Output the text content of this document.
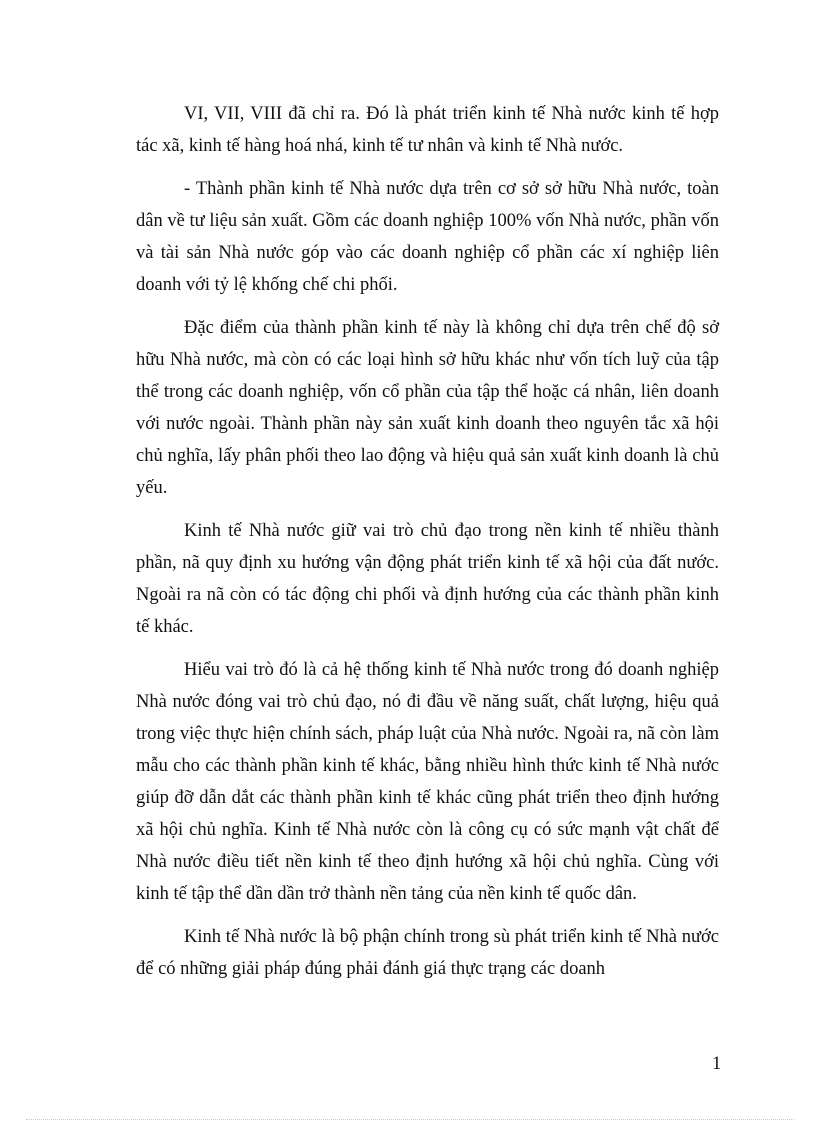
VI, VII, VIII đã chỉ ra. Đó là phát triển kinh tế Nhà nước kinh tế hợp tác xã, kinh tế hàng hoá nhá, kinh tế tư nhân và kinh tế Nhà nước.

- Thành phần kinh tế Nhà nước dựa trên cơ sở sở hữu Nhà nước, toàn dân về tư liệu sản xuất. Gồm các doanh nghiệp 100% vốn Nhà nước, phần vốn và tài sản Nhà nước góp vào các doanh nghiệp cổ phần các xí nghiệp liên doanh với tỷ lệ khống chế chi phối.

Đặc điểm của thành phần kinh tế này là không chỉ dựa trên chế độ sở hữu Nhà nước, mà còn có các loại hình sở hữu khác như vốn tích luỹ của tập thể trong các doanh nghiệp, vốn cổ phần của tập thể hoặc cá nhân, liên doanh với nước ngoài. Thành phần này sản xuất kinh doanh theo nguyên tắc xã hội chủ nghĩa, lấy phân phối theo lao động và hiệu quả sản xuất kinh doanh là chủ yếu.

Kinh tế Nhà nước giữ vai trò chủ đạo trong nền kinh tế nhiều thành phần, nã quy định xu hướng vận động phát triển kinh tế xã hội của đất nước. Ngoài ra nã còn có tác động chi phối và định hướng của các thành phần kinh tế khác.

Hiểu vai trò đó là cả hệ thống kinh tế Nhà nước trong đó doanh nghiệp Nhà nước đóng vai trò chủ đạo, nó đi đầu về năng suất, chất lượng, hiệu quả trong việc thực hiện chính sách, pháp luật của Nhà nước. Ngoài ra, nã còn làm mẫu cho các thành phần kinh tế khác, bằng nhiều hình thức kinh tế Nhà nước giúp đỡ dẫn dắt các thành phần kinh tế khác cũng phát triển theo định hướng xã hội chủ nghĩa. Kinh tế Nhà nước còn là công cụ có sức mạnh vật chất để Nhà nước điều tiết nền kinh tế theo định hướng xã hội chủ nghĩa. Cùng với kinh tế tập thể dần dần trở thành nền tảng của nền kinh tế quốc dân.

Kinh tế Nhà nước là bộ phận chính trong sù phát triển kinh tế Nhà nước để có những giải pháp đúng phải đánh giá thực trạng các doanh

1
